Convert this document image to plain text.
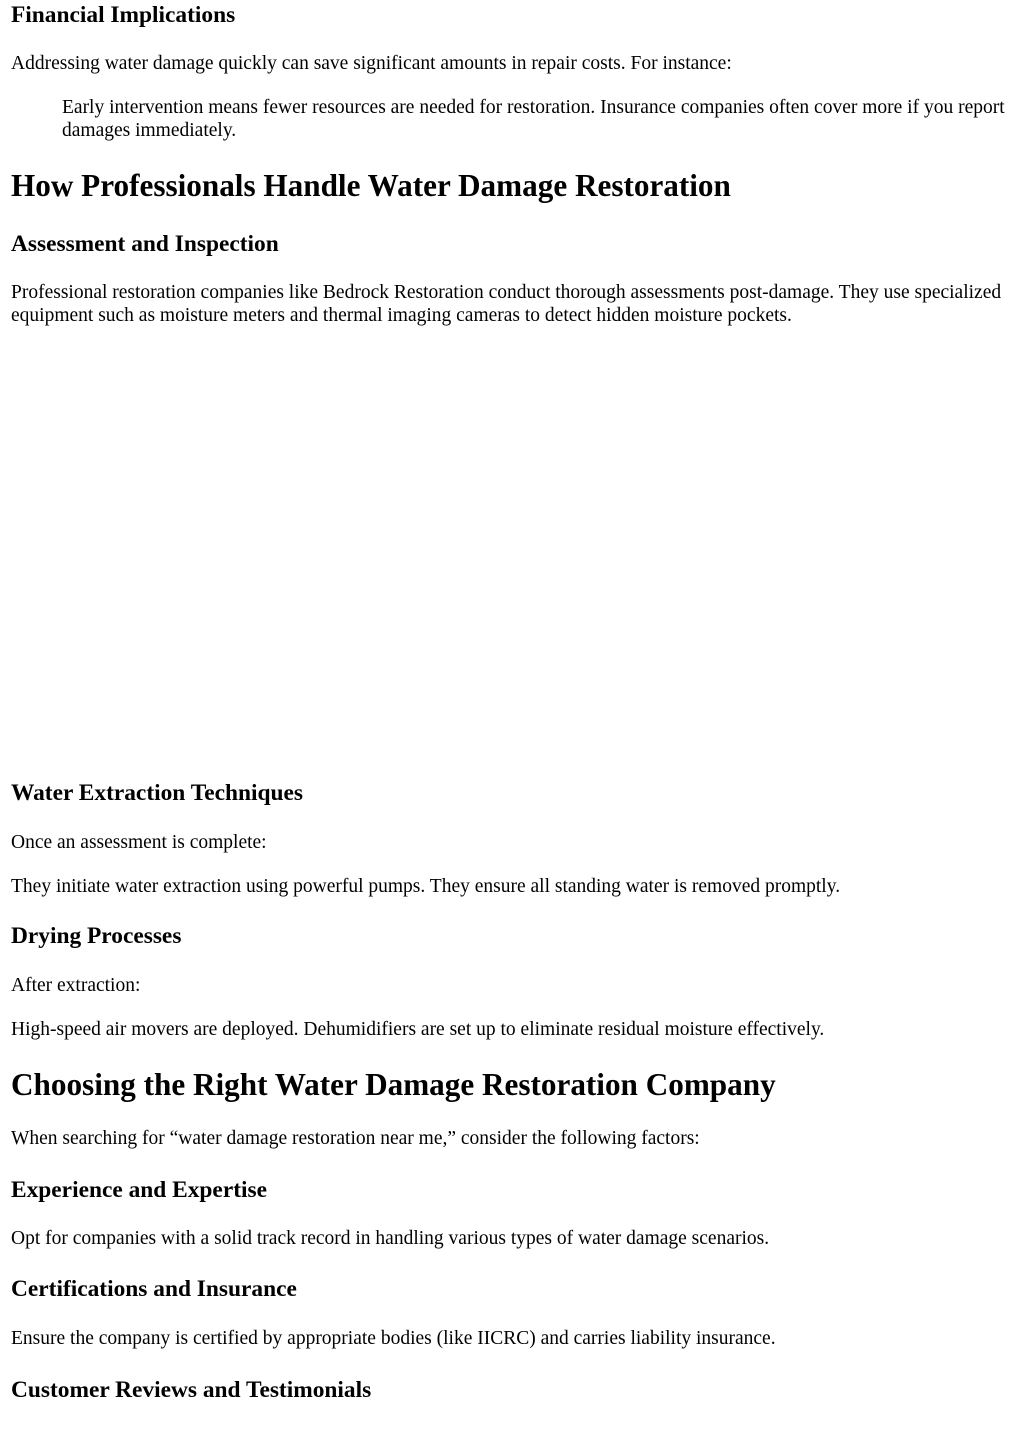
Financial Implications

Addressing water damage quickly can save significant amounts in repair costs. For instance:

Early intervention means fewer resources are needed for restoration. Insurance companies often cover more if you report damages immediately.
How Professionals Handle Water Damage Restoration
Assessment and Inspection

Professional restoration companies like Bedrock Restoration conduct thorough assessments post-damage. They use specialized equipment such as moisture meters and thermal imaging cameras to detect hidden moisture pockets.

Water Extraction Techniques

Once an assessment is complete:

They initiate water extraction using powerful pumps. They ensure all standing water is removed promptly.

Drying Processes

After extraction:

High-speed air movers are deployed. Dehumidifiers are set up to eliminate residual moisture effectively.

Choosing the Right Water Damage Restoration Company

When searching for “water damage restoration near me,” consider the following factors:

Experience and Expertise

Opt for companies with a solid track record in handling various types of water damage scenarios.

Certifications and Insurance

Ensure the company is certified by appropriate bodies (like IICRC) and carries liability insurance.

Customer Reviews and Testimonials
